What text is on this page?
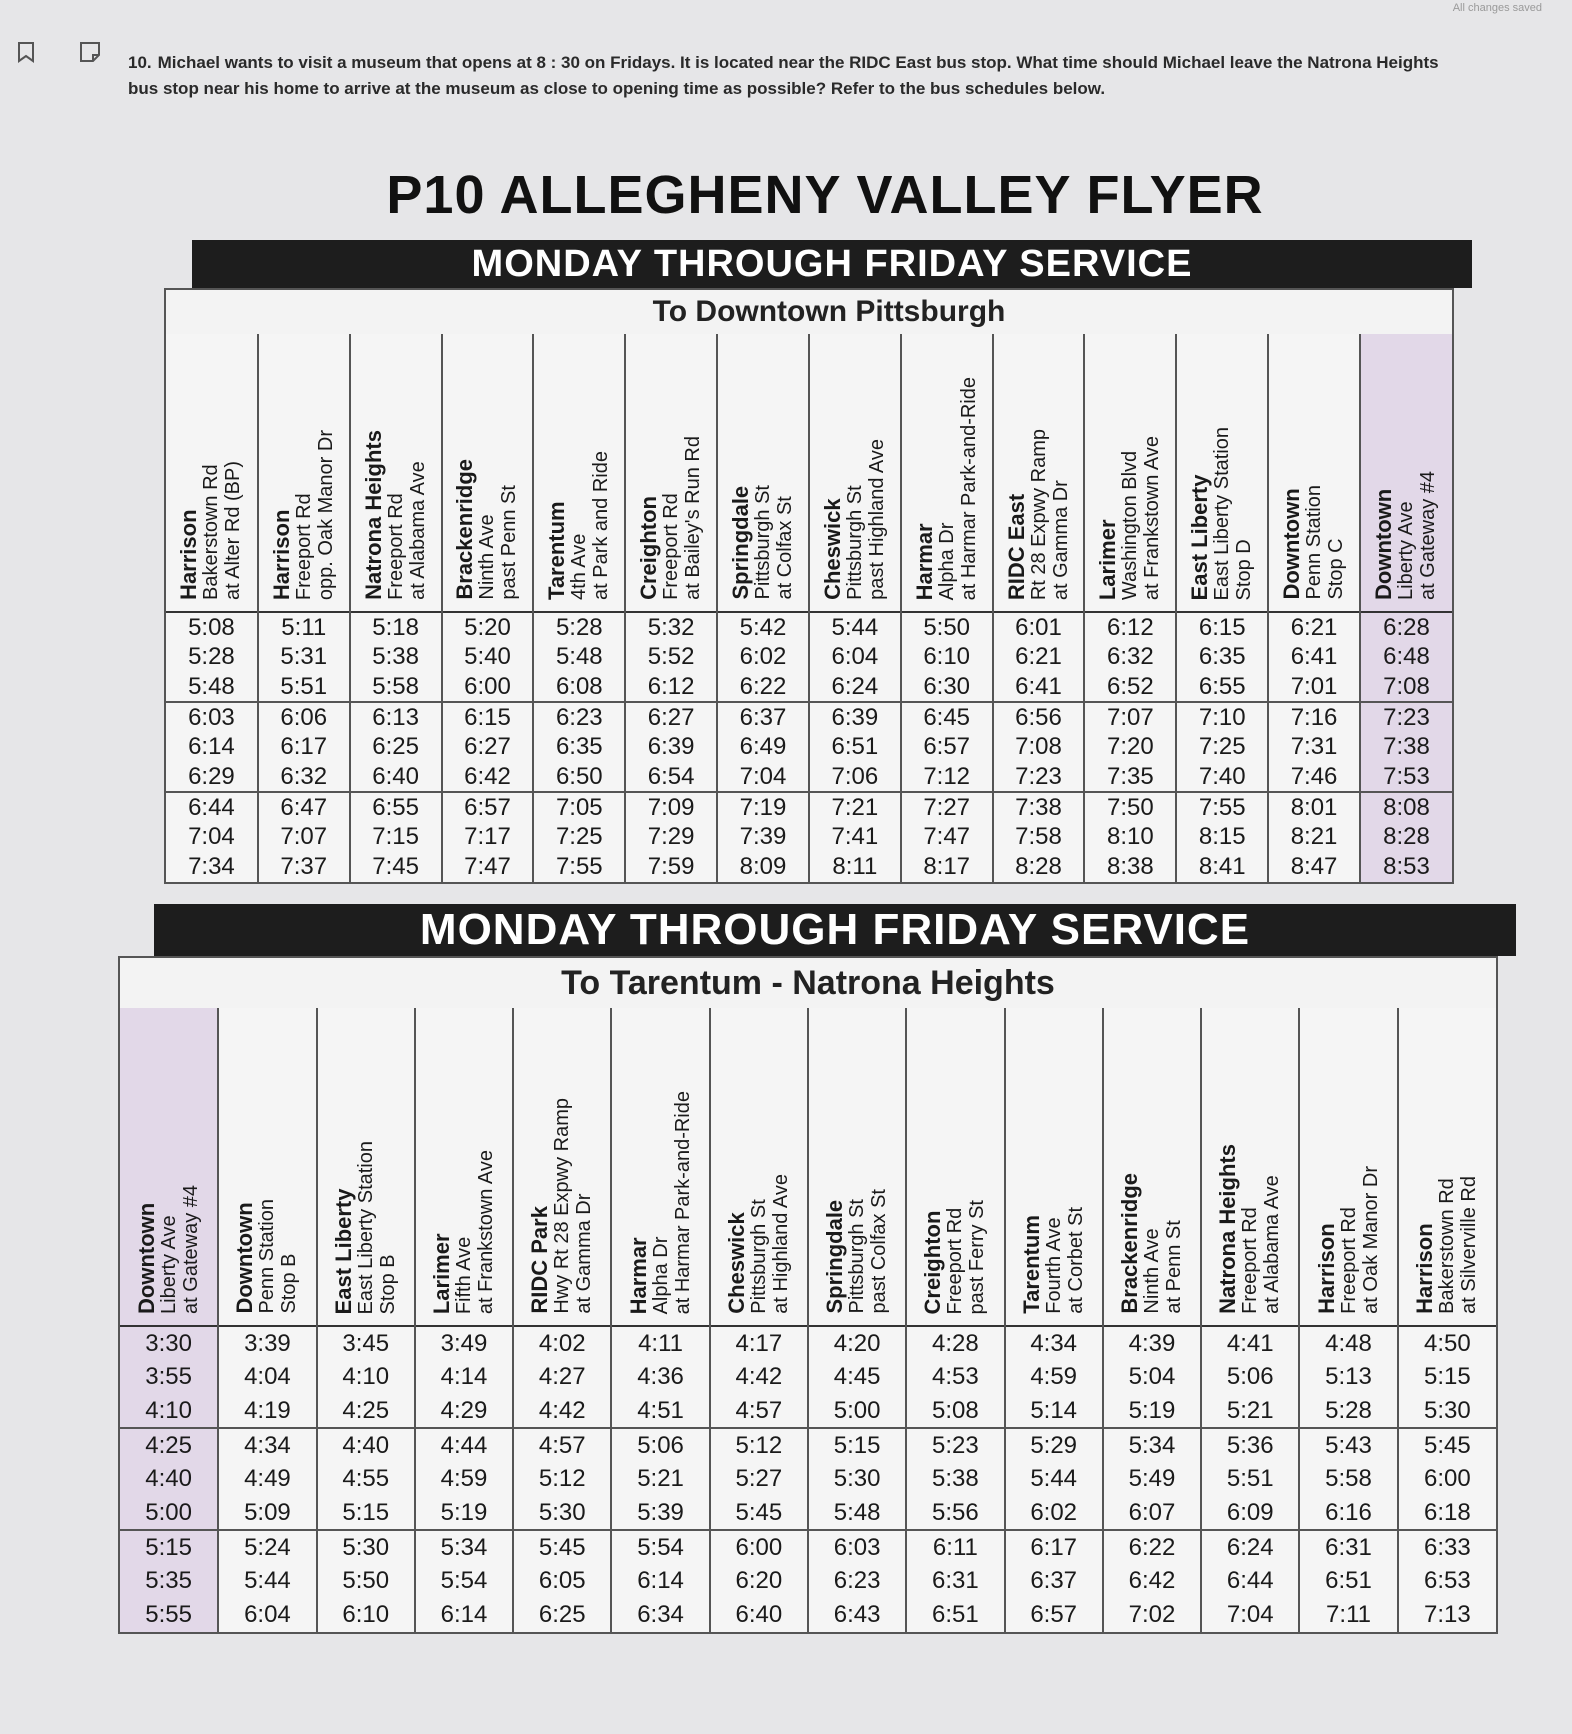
All changes saved
10. Michael wants to visit a museum that opens at 8 : 30 on Fridays. It is located near the RIDC East bus stop. What time should Michael leave the Natrona Heights bus stop near his home to arrive at the museum as close to opening time as possible? Refer to the bus schedules below.
P10 ALLEGHENY VALLEY FLYER
MONDAY THROUGH FRIDAY SERVICE
To Downtown Pittsburgh
Harrison Bakerstown Rd at Alter Rd (BP)	Harrison Freeport Rd opp. Oak Manor Dr	Natrona Heights Freeport Rd at Alabama Ave	Brackenridge Ninth Ave past Penn St	Tarentum 4th Ave at Park and Ride	Creighton Freeport Rd at Bailey's Run Rd	Springdale Pittsburgh St at Colfax St	Cheswick Pittsburgh St past Highland Ave	Harmar Alpha Dr at Harmar Park-and-Ride	RIDC East Rt 28 Expwy Ramp at Gamma Dr	Larimer Washington Blvd at Frankstown Ave	East Liberty East Liberty Station Stop D	Downtown Penn Station Stop C	Downtown Liberty Ave at Gateway #4

5:08	5:11	5:18	5:20	5:28	5:32	5:42	5:44	5:50	6:01	6:12	6:15	6:21	6:28
5:28	5:31	5:38	5:40	5:48	5:52	6:02	6:04	6:10	6:21	6:32	6:35	6:41	6:48
5:48	5:51	5:58	6:00	6:08	6:12	6:22	6:24	6:30	6:41	6:52	6:55	7:01	7:08
6:03	6:06	6:13	6:15	6:23	6:27	6:37	6:39	6:45	6:56	7:07	7:10	7:16	7:23
6:14	6:17	6:25	6:27	6:35	6:39	6:49	6:51	6:57	7:08	7:20	7:25	7:31	7:38
6:29	6:32	6:40	6:42	6:50	6:54	7:04	7:06	7:12	7:23	7:35	7:40	7:46	7:53
6:44	6:47	6:55	6:57	7:05	7:09	7:19	7:21	7:27	7:38	7:50	7:55	8:01	8:08
7:04	7:07	7:15	7:17	7:25	7:29	7:39	7:41	7:47	7:58	8:10	8:15	8:21	8:28
7:34	7:37	7:45	7:47	7:55	7:59	8:09	8:11	8:17	8:28	8:38	8:41	8:47	8:53
MONDAY THROUGH FRIDAY SERVICE
To Tarentum - Natrona Heights
Downtown Liberty Ave at Gateway #4	Downtown Penn Station Stop B	East Liberty East Liberty Station Stop B	Larimer Fifth Ave at Frankstown Ave	RIDC Park Hwy Rt 28 Expwy Ramp at Gamma Dr	Harmar Alpha Dr at Harmar Park-and-Ride	Cheswick Pittsburgh St at Highland Ave	Springdale Pittsburgh St past Colfax St	Creighton Freeport Rd past Ferry St	Tarentum Fourth Ave at Corbet St	Brackenridge Ninth Ave at Penn St	Natrona Heights Freeport Rd at Alabama Ave	Harrison Freeport Rd at Oak Manor Dr	Harrison Bakerstown Rd at Silverville Rd

3:30	3:39	3:45	3:49	4:02	4:11	4:17	4:20	4:28	4:34	4:39	4:41	4:48	4:50
3:55	4:04	4:10	4:14	4:27	4:36	4:42	4:45	4:53	4:59	5:04	5:06	5:13	5:15
4:10	4:19	4:25	4:29	4:42	4:51	4:57	5:00	5:08	5:14	5:19	5:21	5:28	5:30
4:25	4:34	4:40	4:44	4:57	5:06	5:12	5:15	5:23	5:29	5:34	5:36	5:43	5:45
4:40	4:49	4:55	4:59	5:12	5:21	5:27	5:30	5:38	5:44	5:49	5:51	5:58	6:00
5:00	5:09	5:15	5:19	5:30	5:39	5:45	5:48	5:56	6:02	6:07	6:09	6:16	6:18
5:15	5:24	5:30	5:34	5:45	5:54	6:00	6:03	6:11	6:17	6:22	6:24	6:31	6:33
5:35	5:44	5:50	5:54	6:05	6:14	6:20	6:23	6:31	6:37	6:42	6:44	6:51	6:53
5:55	6:04	6:10	6:14	6:25	6:34	6:40	6:43	6:51	6:57	7:02	7:04	7:11	7:13
